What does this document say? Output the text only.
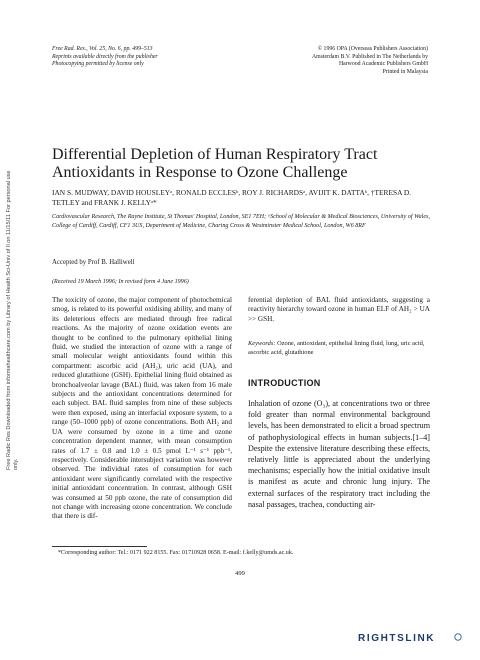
Free Radic Res Downloaded from informahealthcare.com by Library of Health Sci-Univ of Il on 11/15/11 For personal use only.
Free Rad. Res., Vol. 25, No. 6, pp. 499–513
Reprints available directly from the publisher
Photocopying permitted by license only
© 1996 OPA (Overseas Publishers Association)
Amsterdam B.V. Published in The Netherlands by
Harwood Academic Publishers GmbH
Printed in Malaysia
Differential Depletion of Human Respiratory Tract Antioxidants in Response to Ozone Challenge
IAN S. MUDWAY, DAVID HOUSLEYᵃ, RONALD ECCLESᵇ, ROY J. RICHARDSᵃ, AVIJIT K. DATTAᵇ, †TERESA D. TETLEY and FRANK J. KELLYᵃ*
Cardiovascular Research, The Rayne Institute, St Thomas' Hospital, London, SE1 7EH; ᵃSchool of Molecular & Medical Biosciences, University of Wales, College of Cardiff, Cardiff, CF1 3US, Department of Medicine, Charing Cross & Westminster Medical School, London, W6 8RF
Accepted by Prof B. Halliwell
(Received 19 March 1996; In revised form 4 June 1996)
The toxicity of ozone, the major component of photochemical smog, is related to its powerful oxidising ability, and many of its deleterious effects are mediated through free radical reactions. As the majority of ozone oxidation events are thought to be confined to the pulmonary epithelial lining fluid, we studied the interaction of ozone with a range of small molecular weight antioxidants found within this compartment: ascorbic acid (AH₂), uric acid (UA), and reduced glutathione (GSH). Epithelial lining fluid obtained as bronchoalveolar lavage (BAL) fluid, was taken from 16 male subjects and the antioxidant concentrations determined for each subject. BAL fluid samples from nine of these subjects were then exposed, using an interfacial exposure system, to a range (50–1000 ppb) of ozone concentrations. Both AH₂ and UA were consumed by ozone in a time and ozone concentration dependent manner, with mean consumption rates of 1.7 ± 0.8 and 1.0 ± 0.5 pmol L⁻¹ s⁻¹ ppb⁻¹, respectively. Considerable intersubject variation was however observed. The individual rates of consumption for each antioxidant were significantly correlated with the respective initial antioxidant concentration. In contrast, although GSH was consumed at 50 ppb ozone, the rate of consumption did not change with increasing ozone concentration. We conclude that there is dif-
ferential depletion of BAL fluid antioxidants, suggesting a reactivity hierarchy toward ozone in human ELF of AH₂ > UA >> GSH.
Keywords: Ozone, antioxidant, epithelial lining fluid, lung, uric acid, ascorbic acid, glutathione
INTRODUCTION
Inhalation of ozone (O₃), at concentrations two or three fold greater than normal environmental background levels, has been demonstrated to elicit a broad spectrum of pathophysiological effects in human subjects.[1–4] Despite the extensive literature describing these effects, relatively little is appreciated about the underlying mechanisms; especially how the initial oxidative insult is manifest as acute and chronic lung injury. The external surfaces of the respiratory tract including the nasal passages, trachea, conducting air-
*Corresponding author: Tel.: 0171 922 8155. Fax: 01710928 0658. E-mail: f.kelly@umds.ac.uk.
499
RIGHTSLINK
